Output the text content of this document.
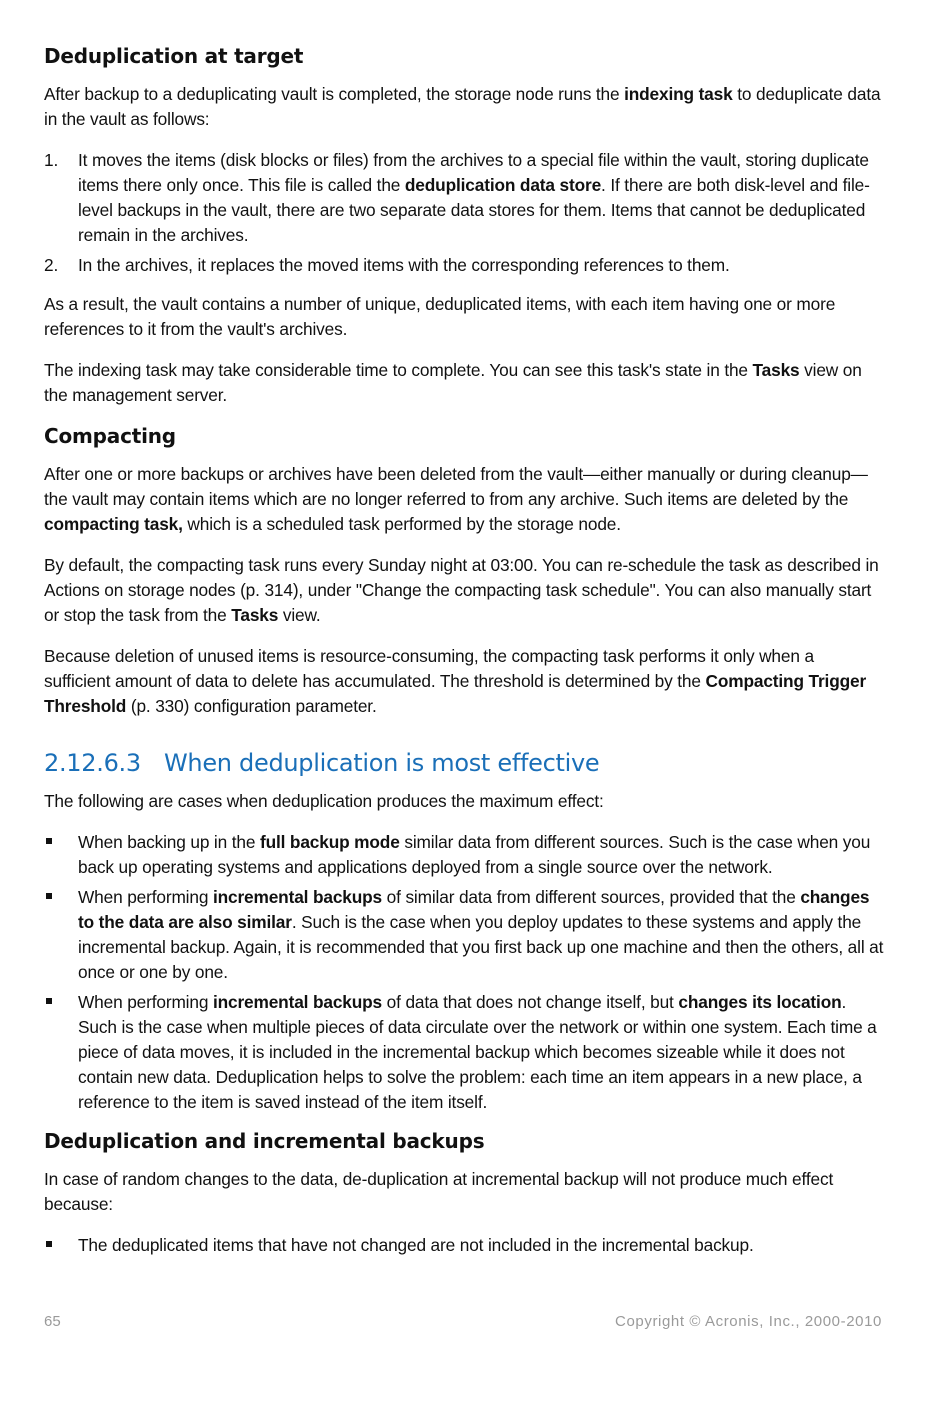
Deduplication at target

After backup to a deduplicating vault is completed, the storage node runs the indexing task to deduplicate data in the vault as follows:

1. It moves the items (disk blocks or files) from the archives to a special file within the vault, storing duplicate items there only once. This file is called the deduplication data store. If there are both disk-level and file-level backups in the vault, there are two separate data stores for them. Items that cannot be deduplicated remain in the archives.
2. In the archives, it replaces the moved items with the corresponding references to them.

As a result, the vault contains a number of unique, deduplicated items, with each item having one or more references to it from the vault's archives.

The indexing task may take considerable time to complete. You can see this task's state in the Tasks view on the management server.

Compacting

After one or more backups or archives have been deleted from the vault—either manually or during cleanup—the vault may contain items which are no longer referred to from any archive. Such items are deleted by the compacting task, which is a scheduled task performed by the storage node.

By default, the compacting task runs every Sunday night at 03:00. You can re-schedule the task as described in Actions on storage nodes (p. 314), under "Change the compacting task schedule". You can also manually start or stop the task from the Tasks view.

Because deletion of unused items is resource-consuming, the compacting task performs it only when a sufficient amount of data to delete has accumulated. The threshold is determined by the Compacting Trigger Threshold (p. 330) configuration parameter.

2.12.6.3 When deduplication is most effective

The following are cases when deduplication produces the maximum effect:

When backing up in the full backup mode similar data from different sources. Such is the case when you back up operating systems and applications deployed from a single source over the network.
When performing incremental backups of similar data from different sources, provided that the changes to the data are also similar. Such is the case when you deploy updates to these systems and apply the incremental backup. Again, it is recommended that you first back up one machine and then the others, all at once or one by one.
When performing incremental backups of data that does not change itself, but changes its location. Such is the case when multiple pieces of data circulate over the network or within one system. Each time a piece of data moves, it is included in the incremental backup which becomes sizeable while it does not contain new data. Deduplication helps to solve the problem: each time an item appears in a new place, a reference to the item is saved instead of the item itself.
Deduplication and incremental backups

In case of random changes to the data, de-duplication at incremental backup will not produce much effect because:

The deduplicated items that have not changed are not included in the incremental backup.
65	Copyright © Acronis, Inc., 2000-2010
